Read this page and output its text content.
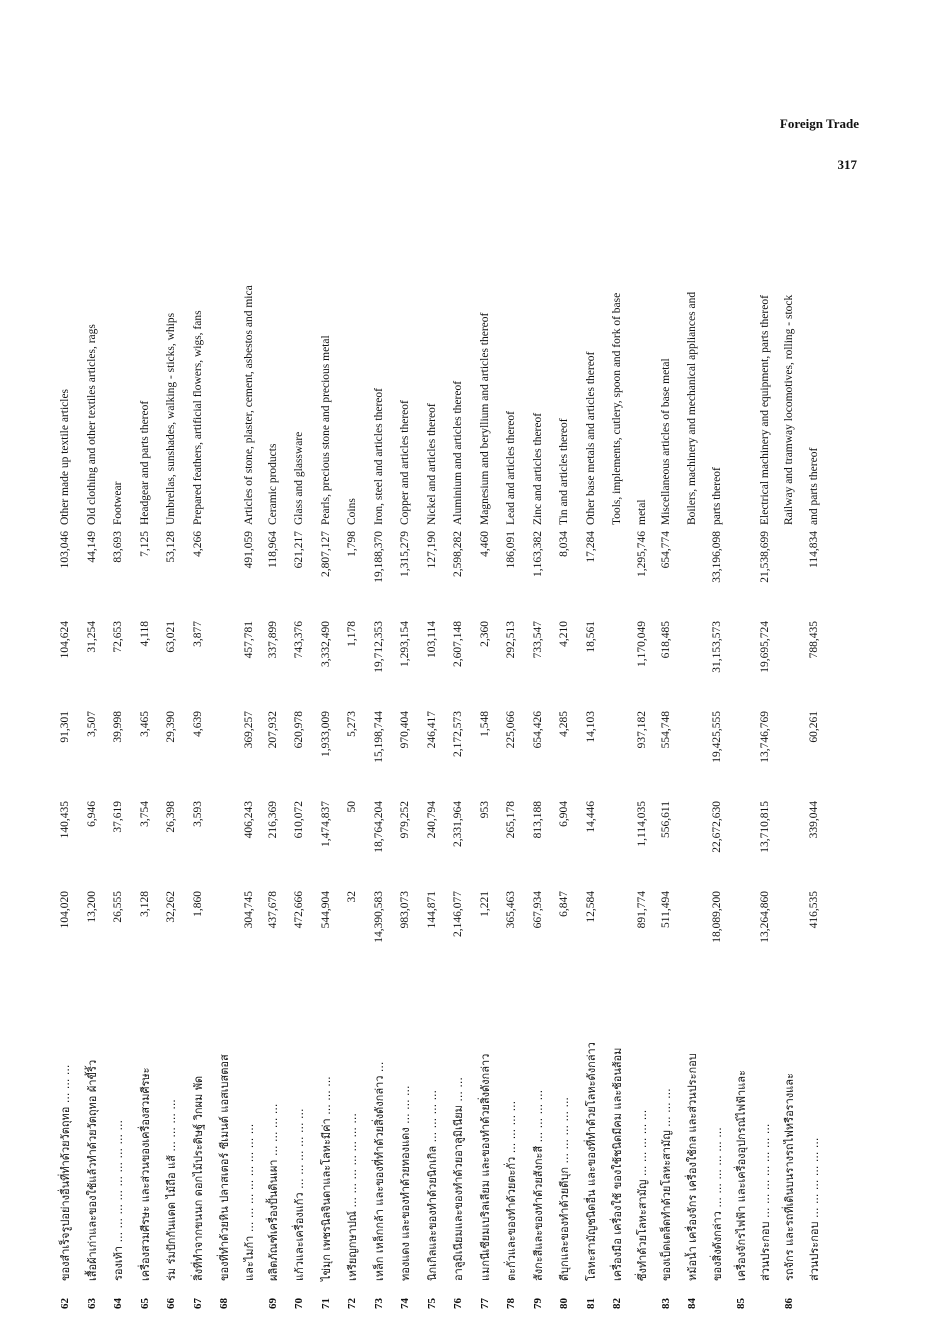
Foreign Trade
317
62	ของสำเร็จรูปอย่างอื่นที่ทำด้วยวัตถุทอ ... ... ...	104,020	140,435	91,301	104,624	103,046	Other made up textile articles
63	เสื้อผ้าเก่าและของใช้แล้วทำด้วยวัตถุทอ ผ้าขี้ริ้ว	13,200	6,946	3,507	31,254	44,149	Old clothing and other textiles articles, rags
64	รองเท้า ... ... ... ... ... ... ... ... ...	26,555	37,619	39,998	72,653	83,693	Footwear
65	เครื่องสวมศีรษะ และส่วนของเครื่องสวมศีรษะ	3,128	3,754	3,465	4,118	7,125	Headgear and parts thereof
66	ร่ม ร่มปักกันแดด ไม้ถือ แส้ ... ... ... ...	32,262	26,398	29,390	63,021	53,128	Umbrellas, sunshades, walking - sticks, whips
67	สิ่งที่ทำจากขนนก ดอกไม้ประดิษฐ์ วิกผม พัด	1,860	3,593	4,639	3,877	4,266	Prepared feathers, artificial flowers, wigs, fans
68	ของที่ทำด้วยหิน ปลาสเตอร์ ซีเมนต์ แอสเบสตอส						
	และไมก้า ... ... ... ... ... ... ... ...	304,745	406,243	369,257	457,781	491,059	Articles of stone, plaster, cement, asbestos and mica
69	ผลิตภัณฑ์เครื่องปั้นดินเผา ... ... ... ...	437,678	216,369	207,932	337,899	118,964	Ceramic products
70	แก้วและเครื่องแก้ว ... ... ... ... ... ...	472,666	610,072	620,978	743,376	621,217	Glass and glassware
71	ไข่มุก เพชรนิลจินดาและโลหะมีค่า ... ... ...	544,904	1,474,837	1,933,009	3,332,490	2,807,127	Pearls, precious stone and precious metal
72	เหรียญกษาปณ์ ... ... ... ... ... ... ...	32	50	5,273	1,178	1,798	Coins
73	เหล็ก เหล็กกล้า และของที่ทำด้วยสิ่งดังกล่าว ...	14,390,583	18,764,204	15,198,744	19,712,353	19,188,370	Iron, steel and articles thereof
74	ทองแดง และของทำด้วยทองแดง ... ... ...	983,073	979,252	970,404	1,293,154	1,315,279	Copper and articles thereof
75	นิกเกิลและของทำด้วยนิกเกิล ... ... ... ...	144,871	240,794	246,417	103,114	127,190	Nickel and articles thereof
76	อาลูมิเนียมและของทำด้วยอาลูมิเนียม ... ...	2,146,077	2,331,964	2,172,573	2,607,148	2,598,282	Aluminium and articles thereof
77	แมกนีเซียมเบริลเลียม และของทำด้วยสิ่งดังกล่าว	1,221	953	1,548	2,360	4,460	Magnesium and beryllium and articles thereof
78	ตะกั่วและของทำด้วยตะกั่ว ... ... ... ...	365,463	265,178	225,066	292,513	186,091	Lead and articles thereof
79	สังกะสีและของทำด้วยสังกะสี ... ... ... ...	667,934	813,188	654,426	733,547	1,163,382	Zinc and articles thereof
80	ดีบุกและของทำด้วยดีบุก ... ... ... ... ...	6,847	6,904	4,285	4,210	8,034	Tin and articles thereof
81	โลหะสามัญชนิดอื่น และของที่ทำด้วยโลหะดังกล่าว	12,584	14,446	14,103	18,561	17,284	Other base metals and articles thereof
82	เครื่องมือ เครื่องใช้ ของใช้ชนิดมีคม และช้อนส้อม						Tools, implements, cutlery, spoon and fork of base
	ซึ่งทำด้วยโลหะสามัญ ... ... ... ... ...	891,774	1,114,035	937,182	1,170,049	1,295,746	metal
83	ของเบ็ดเตล็ดทำด้วยโลหะสามัญ ... ... ...	511,494	556,611	554,748	618,485	654,774	Miscellaneous articles of base metal
84	หม้อน้ำ เครื่องจักร เครื่องใช้กล และส่วนประกอบ						Boilers, machinery and mechanical appliances and
	ของสิ่งดังกล่าว ... ... ... ... ... ...	18,089,200	22,672,630	19,425,555	31,153,573	33,196,098	parts thereof
85	เครื่องจักรไฟฟ้า และเครื่องอุปกรณ์ไฟฟ้าและ						
	ส่วนประกอบ ... ... ... ... ... ... ...	13,264,860	13,710,815	13,746,769	19,695,724	21,538,699	Electrical machinery and equipment, parts thereof
86	รถจักร และรถที่เดินบนรางรถไฟหรือรางและ						Railway and tramway locomotives, rolling - stock
	ส่วนประกอบ ... ... ... ... ... ...	416,535	339,044	60,261	788,435	114,834	and parts thereof
